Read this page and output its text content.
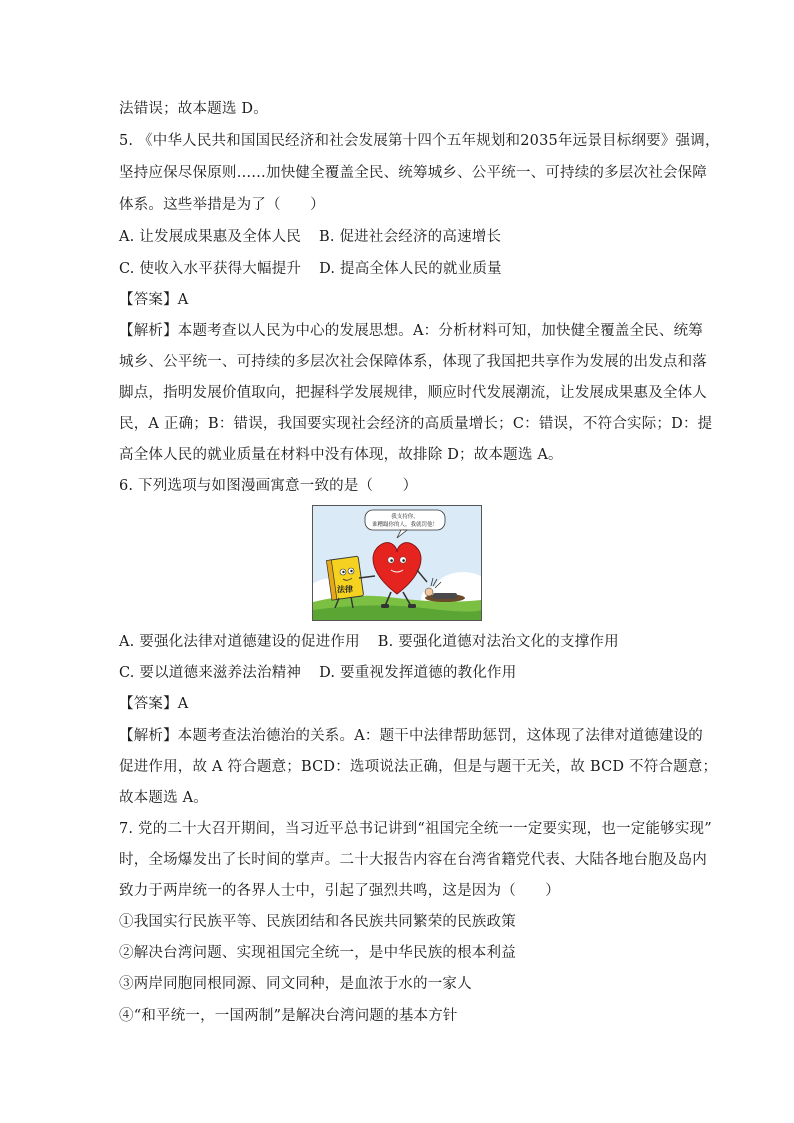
法错误；故本题选 D。
5. 《中华人民共和国国民经济和社会发展第十四个五年规划和2035年远景目标纲要》强调，
坚持应保尽保原则……加快健全覆盖全民、统筹城乡、公平统一、可持续的多层次社会保障
体系。这些举措是为了（　　）
A. 让发展成果惠及全体人民 B. 促进社会经济的高速增长
C. 使收入水平获得大幅提升 D. 提高全体人民的就业质量
【答案】A
【解析】本题考查以人民为中心的发展思想。A：分析材料可知，加快健全覆盖全民、统筹
城乡、公平统一、可持续的多层次社会保障体系，体现了我国把共享作为发展的出发点和落
脚点，指明发展价值取向，把握科学发展规律，顺应时代发展潮流，让发展成果惠及全体人
民，A 正确；B：错误，我国要实现社会经济的高质量增长；C：错误，不符合实际；D：提
高全体人民的就业质量在材料中没有体现，故排除 D；故本题选 A。
6. 下列选项与如图漫画寓意一致的是（　　）
我支持你，
谁糟蹋你的人，我就罚他！
法律
A. 要强化法律对道德建设的促进作用 B. 要强化道德对法治文化的支撑作用
C. 要以道德来滋养法治精神 D. 要重视发挥道德的教化作用
【答案】A
【解析】本题考查法治德治的关系。A：题干中法律帮助惩罚，这体现了法律对道德建设的
促进作用，故 A 符合题意；BCD：选项说法正确，但是与题干无关，故 BCD 不符合题意；
故本题选 A。
7. 党的二十大召开期间，当习近平总书记讲到“祖国完全统一一定要实现，也一定能够实现”
时，全场爆发出了长时间的掌声。二十大报告内容在台湾省籍党代表、大陆各地台胞及岛内
致力于两岸统一的各界人士中，引起了强烈共鸣，这是因为（　　）
①我国实行民族平等、民族团结和各民族共同繁荣的民族政策
②解决台湾问题、实现祖国完全统一，是中华民族的根本利益
③两岸同胞同根同源、同文同种，是血浓于水的一家人
④“和平统一，一国两制”是解决台湾问题的基本方针
